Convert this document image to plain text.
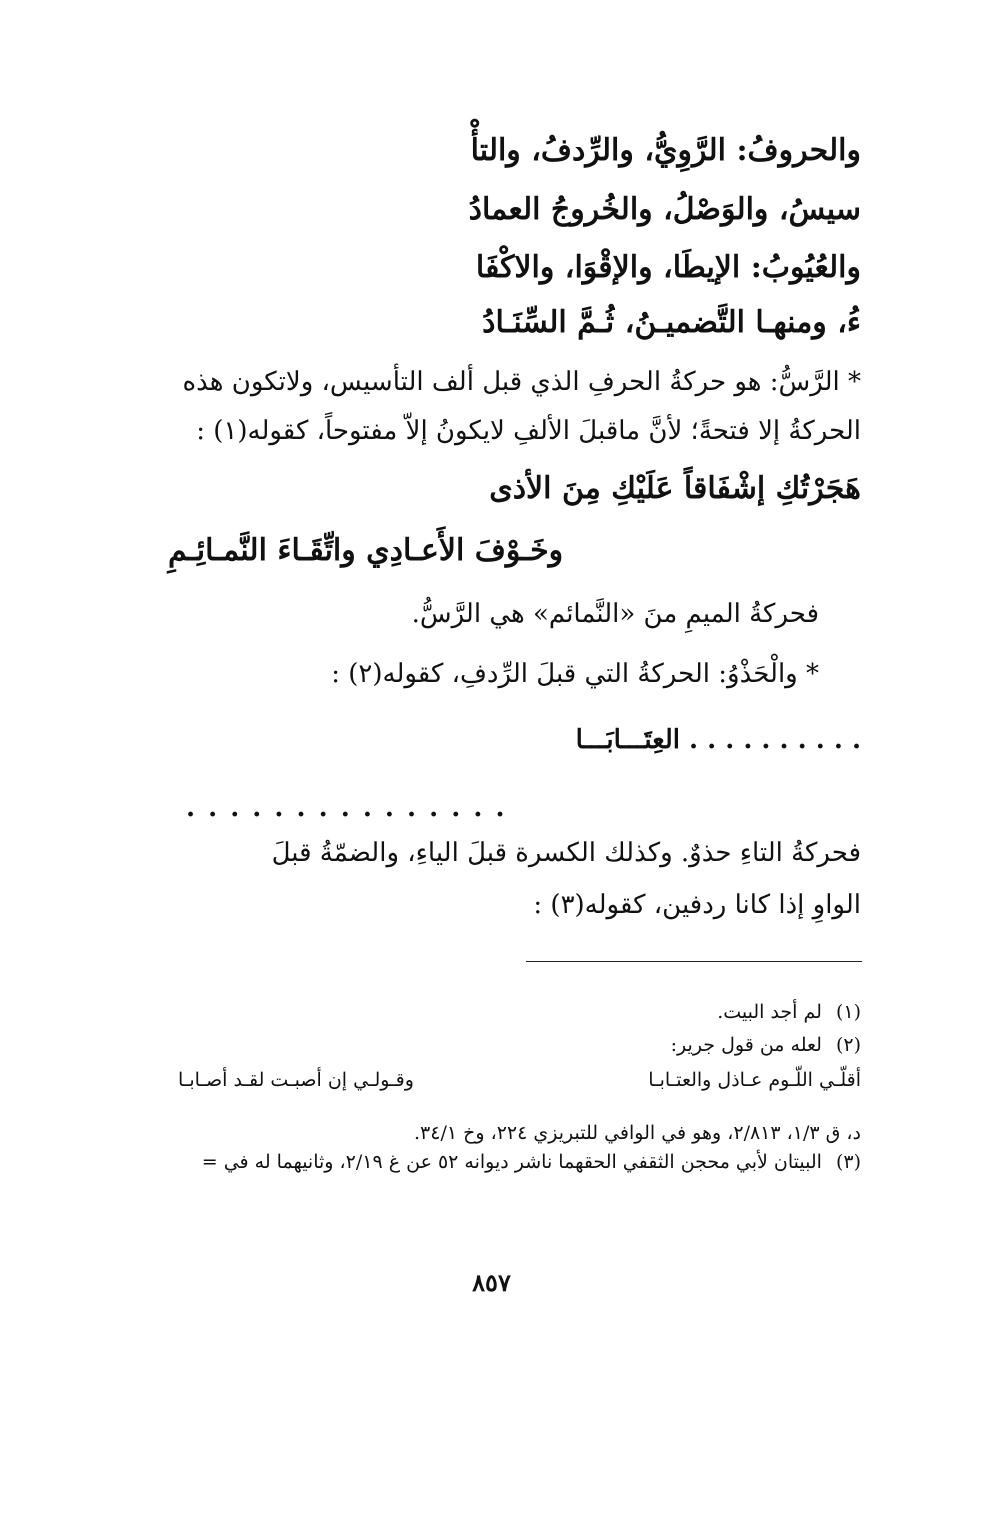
والحروفُ: الرَّوِيُّ، والرِّدفُ، والتأْ
سيسُ، والوَصْلُ، والخُروجُ العمادُ
والعُيُوبُ: الإيطَا، والإقْوَا، والاكْفَا
ءُ، ومنهـا التَّضميـنُ، ثُـمَّ السِّنَـادُ
* الرَّسُّ: هو حركةُ الحرفِ الذي قبل ألف التأسيس، ولاتكون هذه
الحركةُ إلا فتحةً؛ لأنَّ ماقبلَ الألفِ لايكونُ إلاّ مفتوحاً، كقوله(١) :
هَجَرْتُكِ إشْفَاقاً عَلَيْكِ مِنَ الأذى
وخَـوْفَ الأَعـادِي واتِّقَـاءَ النَّمـائِـمِ
فحركةُ الميمِ منَ «النَّمائم» هي الرَّسُّ.
* والْحَذْوُ: الحركةُ التي قبلَ الرِّدفِ، كقوله(٢) :
. . . . . . . . . . العِتَـــابَـــا
. . . . . . . . . . . . . . .
فحركةُ التاءِ حذوٌ. وكذلك الكسرة قبلَ الياءِ، والضمّةُ قبلَ
الواوِ إذا كانا ردفين، كقوله(٣) :
(١)لم أجد البيت.
(٢)لعله من قول جرير:
أقلّـي اللّـوم عـاذل والعتـابـا
وقـولـي إن أصبـت لقـد أصـابـا
د، ق ١/٣، ٢/٨١٣، وهو في الوافي للتبريزي ٢٢٤، وخ ٣٤/١.
(٣)البيتان لأبي محجن الثقفي الحقهما ناشر ديوانه ٥٢ عن غ ٢/١٩، وثانيهما له في =
٨٥٧
